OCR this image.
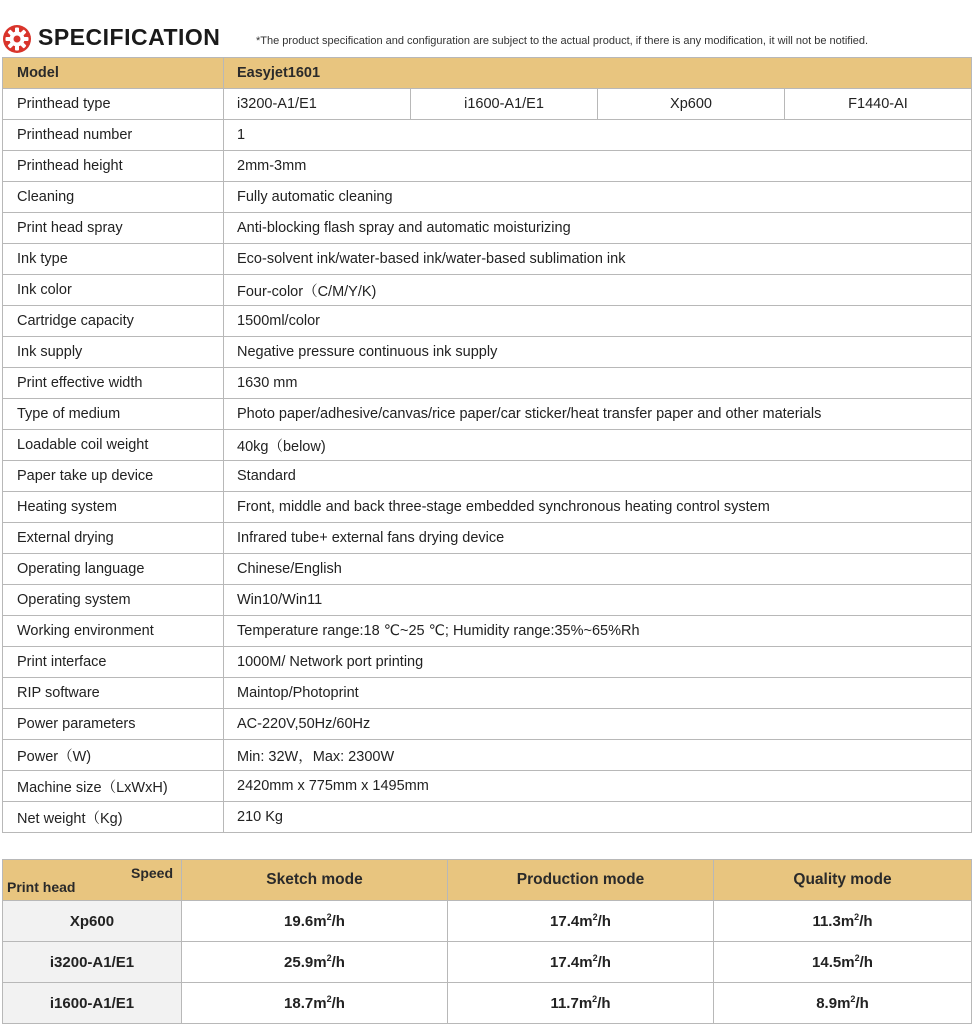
SPECIFICATION	*The product specification and configuration are subject to the actual product, if there is any modification, it will not be notified.
Model	Easyjet1601			
Printhead type	i3200-A1/E1	i1600-A1/E1	Xp600	F1440-AI
Printhead number	1			
Printhead height	2mm-3mm			
Cleaning	Fully automatic cleaning			
Print head spray	Anti-blocking flash spray and automatic moisturizing			
Ink type	Eco-solvent ink/water-based ink/water-based sublimation ink			
Ink color	Four-color（C/M/Y/K)			
Cartridge capacity	1500ml/color			
Ink supply	Negative pressure continuous ink supply			
Print effective width	1630 mm			
Type of medium	Photo paper/adhesive/canvas/rice paper/car sticker/heat transfer paper and other materials			
Loadable coil weight	40kg（below)			
Paper take up device	Standard			
Heating system	Front, middle and back three-stage embedded synchronous heating control system			
External drying	Infrared tube+ external fans drying device			
Operating language	Chinese/English			
Operating system	Win10/Win11			
Working environment	Temperature range:18 ℃~25 ℃; Humidity range:35%~65%Rh			
Print interface	1000M/ Network port printing			
RIP software	Maintop/Photoprint			
Power parameters	AC-220V,50Hz/60Hz			
Power（W)	Min: 32W，Max: 2300W			
Machine size（LxWxH)	2420mm x 775mm x 1495mm			
Net weight（Kg)	210 Kg			
Speed
Print head	Sketch mode	Production mode	Quality mode
Xp600	$19.6m^2/h$	$17.4m^2/h$	$11.3m^2/h$
i3200-A1/E1	$25.9m^2/h$	$17.4m^2/h$	$14.5m^2/h$
i1600-A1/E1	$18.7m^2/h$	$11.7m^2/h$	$8.9m^2/h$
